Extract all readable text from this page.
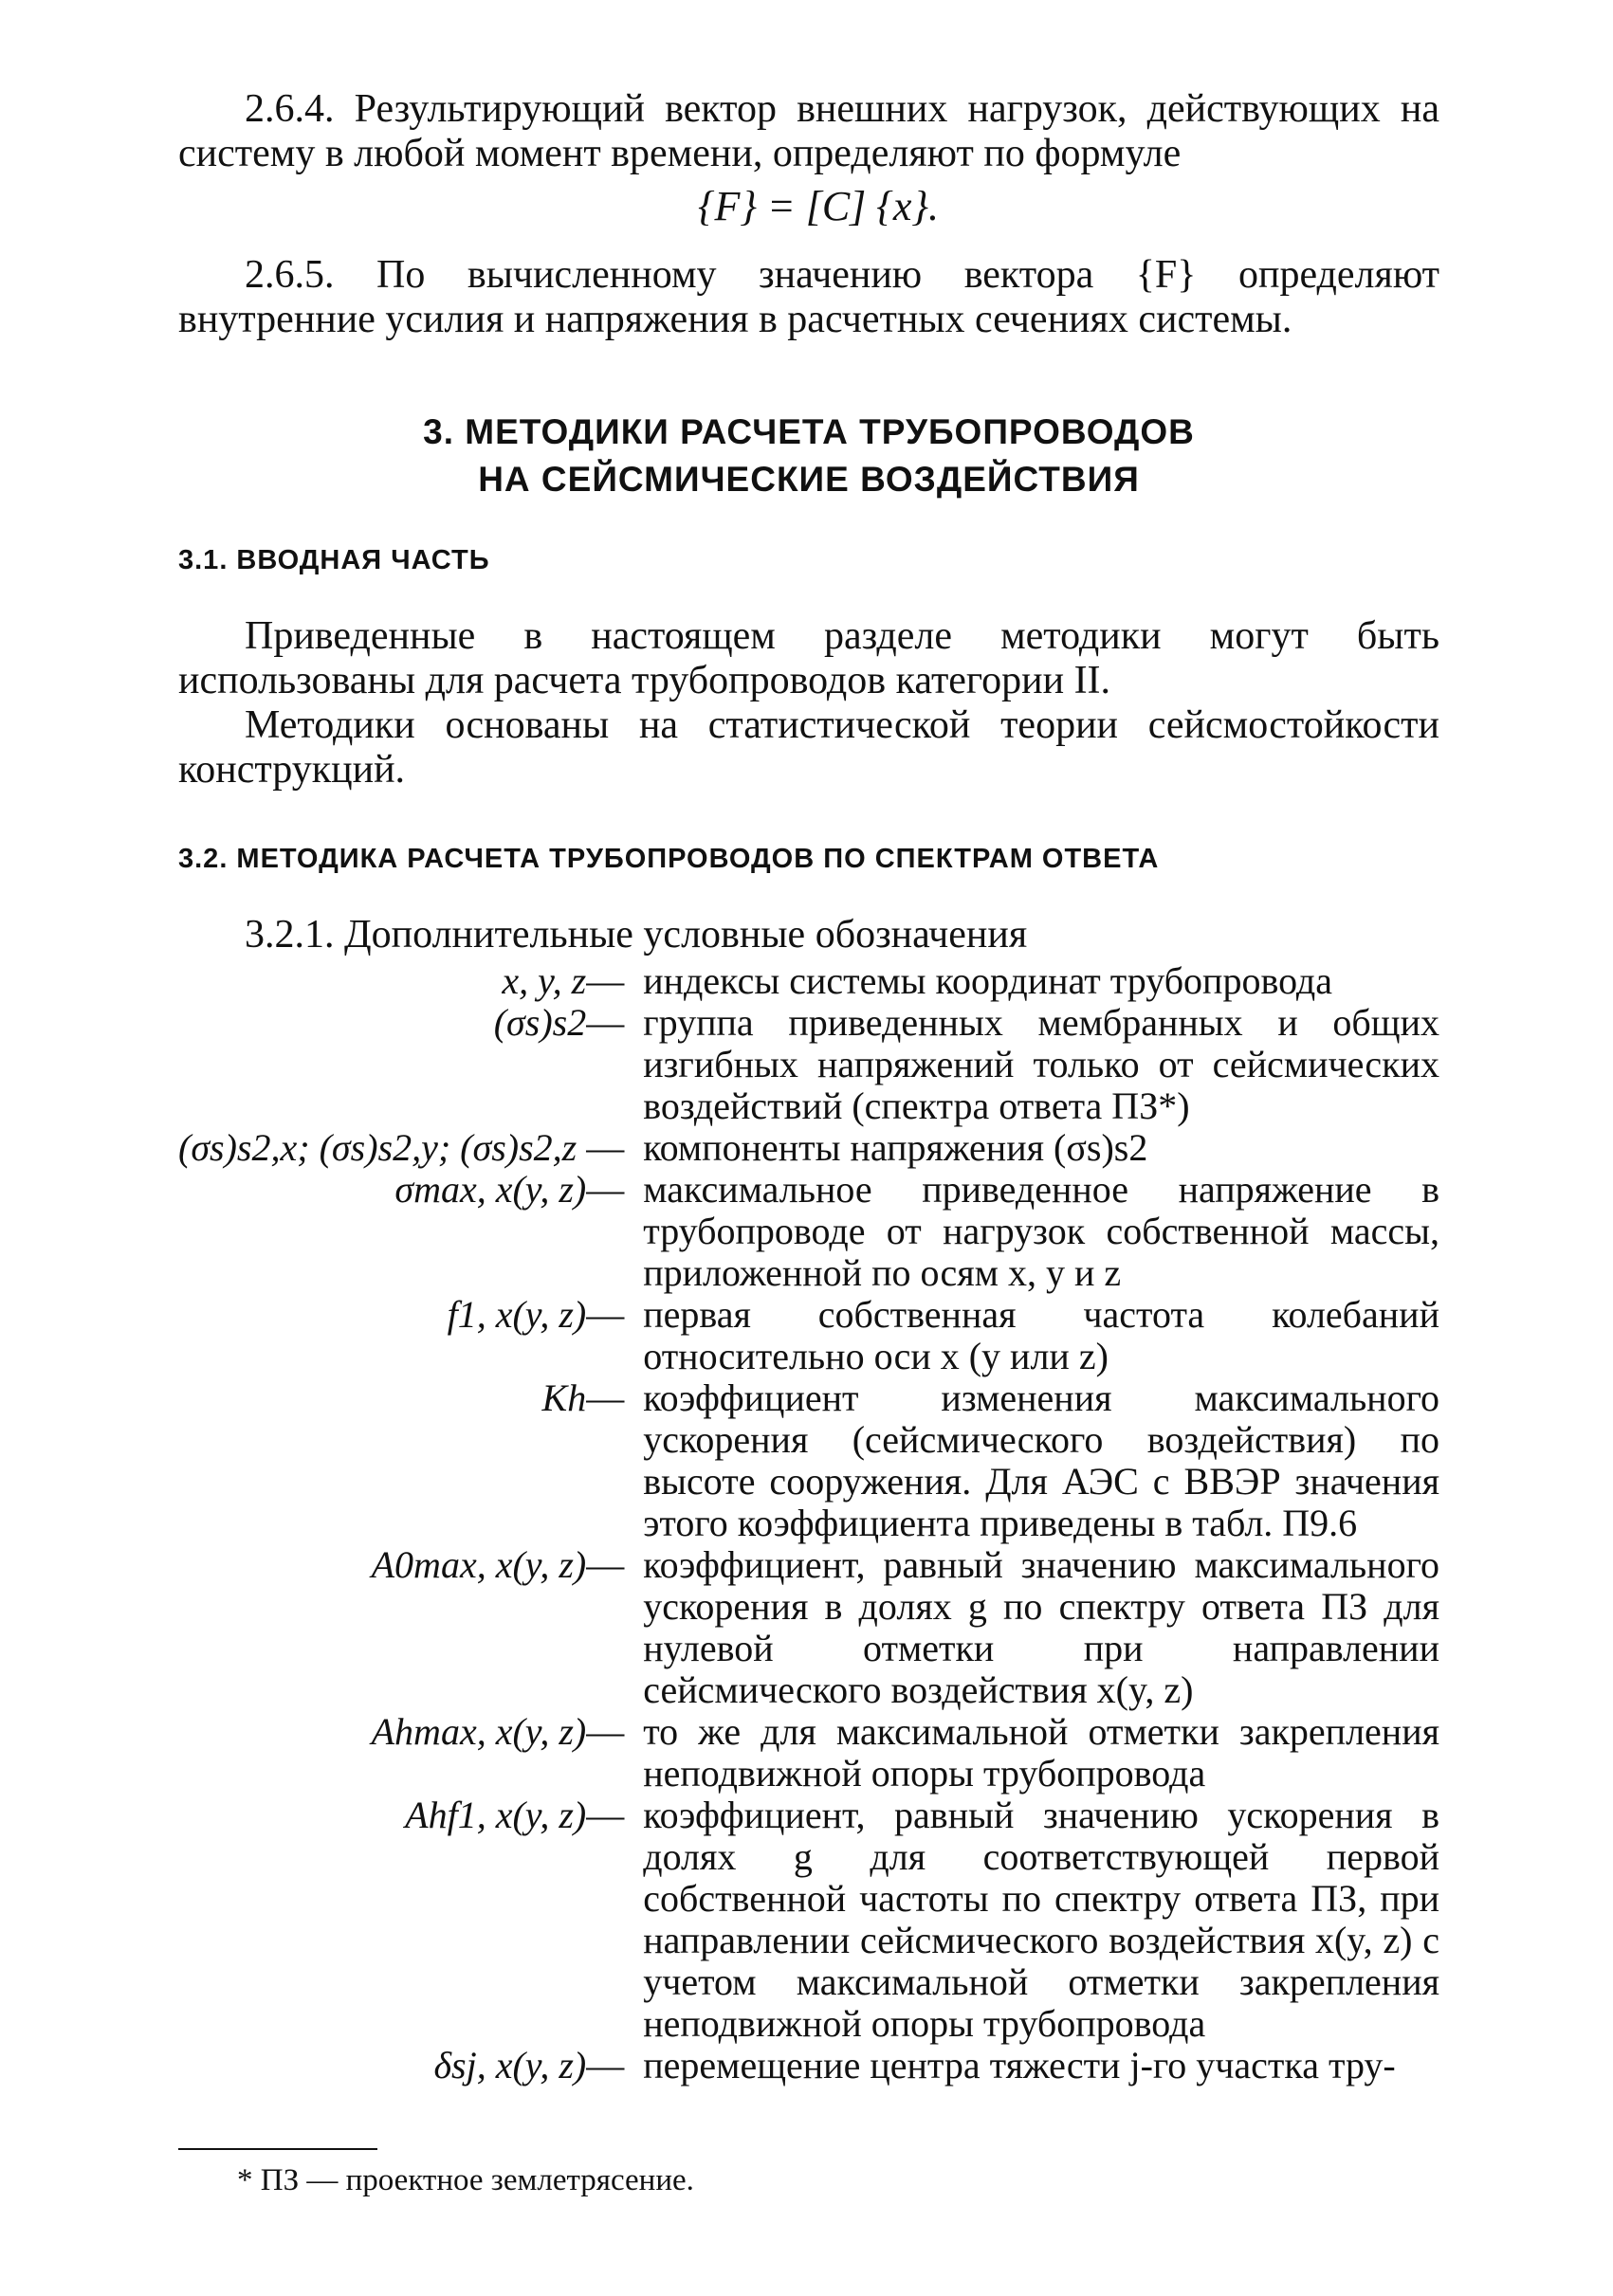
2.6.4. Результирующий вектор внешних нагрузок, действующих на систему в любой момент времени, определяют по формуле

{F} = [C] {x}.

2.6.5. По вычисленному значению вектора {F} определяют внутренние усилия и напряжения в расчетных сечениях системы.

3. МЕТОДИКИ РАСЧЕТА ТРУБОПРОВОДОВ
НА СЕЙСМИЧЕСКИЕ ВОЗДЕЙСТВИЯ
3.1. ВВОДНАЯ ЧАСТЬ

Приведенные в настоящем разделе методики могут быть использованы для расчета трубопроводов категории II.

Методики основаны на статистической теории сейсмостойкости конструкций.

3.2. МЕТОДИКА РАСЧЕТА ТРУБОПРОВОДОВ ПО СПЕКТРАМ ОТВЕТА

3.2.1. Дополнительные условные обозначения

x, y, z—	индексы системы координат трубопровода
(σs)s2—	группа приведенных мембранных и общих изгибных напряжений только от сейсмических воздействий (спектра ответа ПЗ*)
(σs)s2,x; (σs)s2,y; (σs)s2,z —	компоненты напряжения (σs)s2
σmax, x(y, z)—	максимальное приведенное напряжение в трубопроводе от нагрузок собственной массы, приложенной по осям x, y и z
f1, x(y, z)—	первая собственная частота колебаний относительно оси x (y или z)
Kh—	коэффициент изменения максимального ускорения (сейсмического воздействия) по высоте сооружения. Для АЭС с ВВЭР значения этого коэффициента приведены в табл. П9.6
A0max, x(y, z)—	коэффициент, равный значению максимального ускорения в долях g по спектру ответа ПЗ для нулевой отметки при направлении сейсмического воздействия x(y, z)
Ahmax, x(y, z)—	то же для максимальной отметки закрепления неподвижной опоры трубопровода
Ahf1, x(y, z)—	коэффициент, равный значению ускорения в долях g для соответствующей первой собственной частоты по спектру ответа ПЗ, при направлении сейсмического воздействия x(y, z) с учетом максимальной отметки закрепления неподвижной опоры трубопровода
δsj, x(y, z)—	перемещение центра тяжести j-го участка тру-
* ПЗ — проектное землетрясение.
